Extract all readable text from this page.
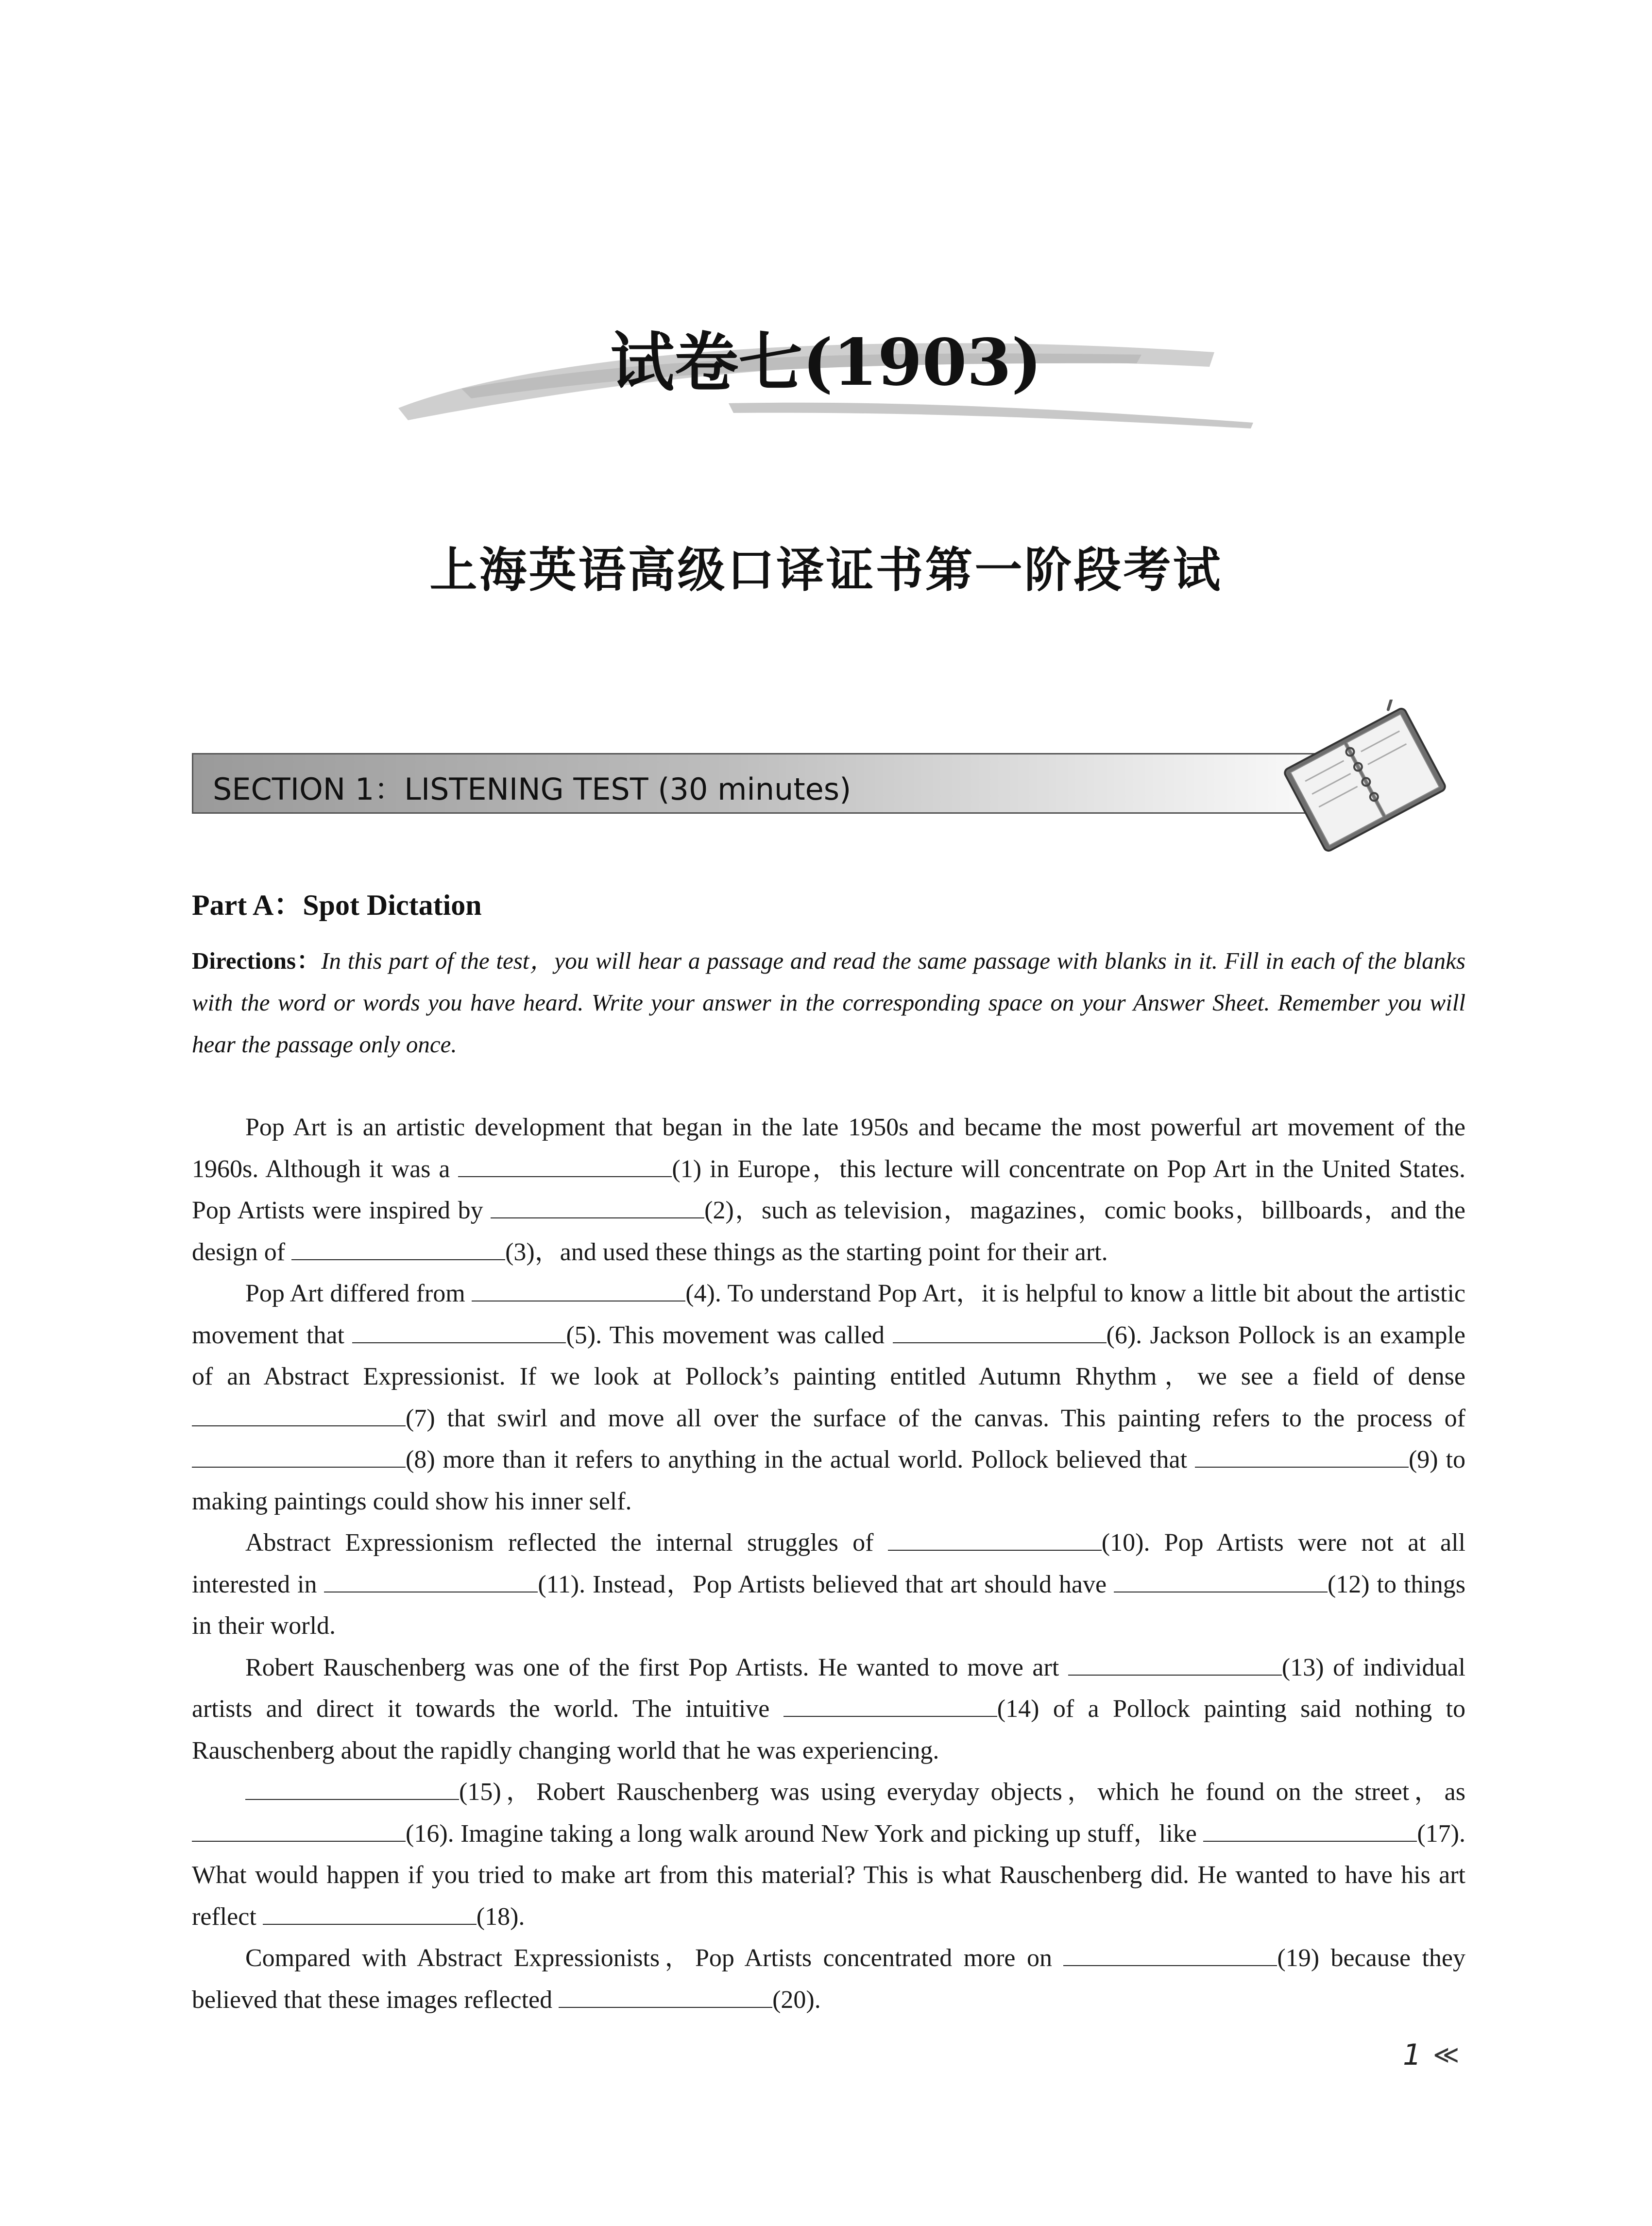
试卷七(1903)
上海英语高级口译证书第一阶段考试
SECTION 1：LISTENING TEST (30 minutes)
Part A：Spot Dictation
Directions：In this part of the test，you will hear a passage and read the same passage with blanks in it. Fill in each of the blanks with the word or words you have heard. Write your answer in the corresponding space on your Answer Sheet. Remember you will hear the passage only once.

Pop Art is an artistic development that began in the late 1950s and became the most powerful art movement of the 1960s. Although it was a	(1) in Europe，this lecture will concentrate on Pop Art in the United States. Pop Artists were inspired by	(2)，such as television，magazines，comic books，billboards，and the design of	(3)，and used these things as the starting point for their art.

Pop Art differed from	(4). To understand Pop Art，it is helpful to know a little bit about the artistic movement that	(5). This movement was called	(6). Jackson Pollock is an example of an Abstract Expressionist. If we look at Pollock’s painting entitled Autumn Rhythm，we see a field of dense (7) that swirl and move all over the surface of the canvas. This painting refers to the process of (8) more than it refers to anything in the actual world. Pollock believed that	(9) to making paintings could show his inner self.

Abstract Expressionism reflected the internal struggles of	(10). Pop Artists were not at all interested in	(11). Instead，Pop Artists believed that art should have	(12) to things in their world.

Robert Rauschenberg was one of the first Pop Artists. He wanted to move art	(13) of individual artists and direct it towards the world. The intuitive	(14) of a Pollock painting said nothing to Rauschenberg about the rapidly changing world that he was experiencing.

(15)，Robert Rauschenberg was using everyday objects，which he found on the street，as (16). Imagine taking a long walk around New York and picking up stuff，like	(17). What would happen if you tried to make art from this material? This is what Rauschenberg did. He wanted to have his art reflect	(18).

Compared with Abstract Expressionists，Pop Artists concentrated more on	(19) because they believed that these images reflected	(20).

1 ≪
